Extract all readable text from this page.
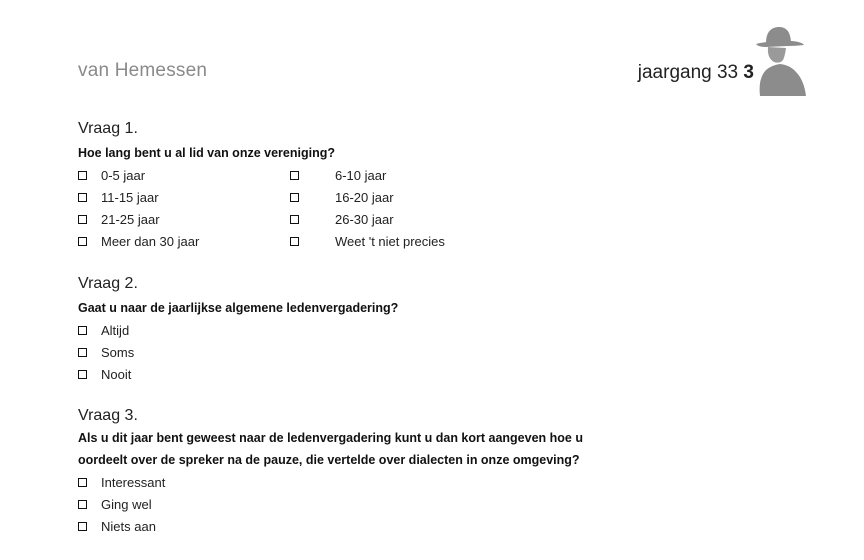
van Hemessen	jaargang 33 3

Vraag 1.

Hoe lang bent u al lid van onze vereniging?

0-5 jaar
11-15 jaar
21-25 jaar
Meer dan 30 jaar
6-10 jaar
16-20 jaar
26-30 jaar
Weet 't niet precies

Vraag 2.

Gaat u naar de jaarlijkse algemene ledenvergadering?

Altijd
Soms
Nooit

Vraag 3.

Als u dit jaar bent geweest naar de ledenvergadering kunt u dan kort aangeven hoe u
oordeelt over de spreker na de pauze, die vertelde over dialecten in onze omgeving?

Interessant
Ging wel
Niets aan
